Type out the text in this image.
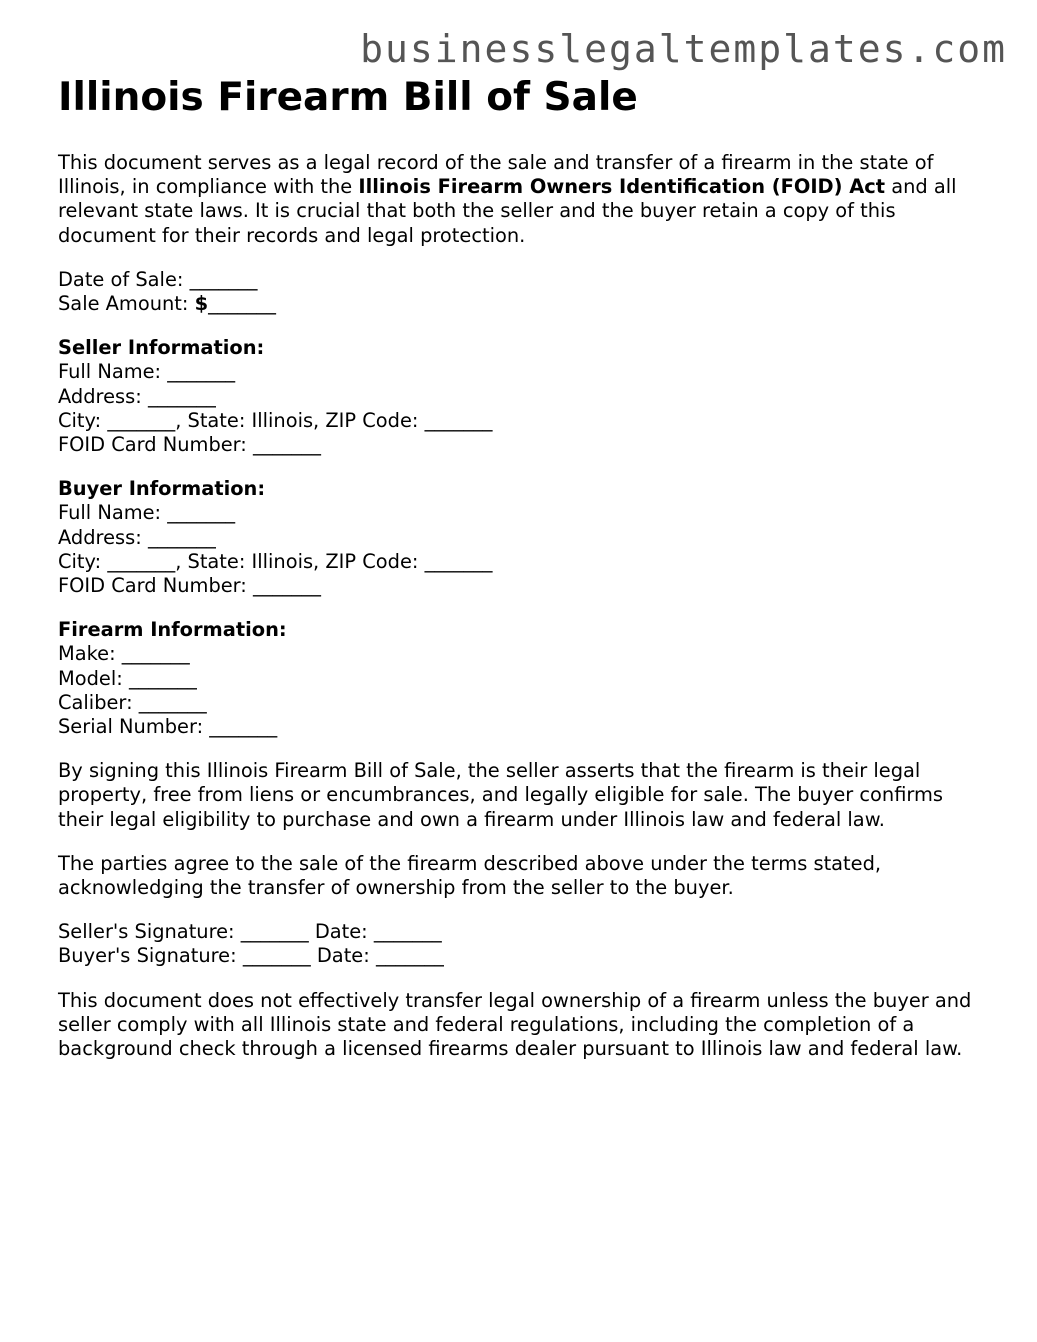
businesslegaltemplates.com
Illinois Firearm Bill of Sale

This document serves as a legal record of the sale and transfer of a firearm in the state of Illinois, in compliance with the Illinois Firearm Owners Identification (FOID) Act and all relevant state laws. It is crucial that both the seller and the buyer retain a copy of this document for their records and legal protection.

Date of Sale: _______
Sale Amount: $_______

Seller Information:
Full Name: _______
Address: _______
City: _______, State: Illinois, ZIP Code: _______
FOID Card Number: _______

Buyer Information:
Full Name: _______
Address: _______
City: _______, State: Illinois, ZIP Code: _______
FOID Card Number: _______

Firearm Information:
Make: _______
Model: _______
Caliber: _______
Serial Number: _______

By signing this Illinois Firearm Bill of Sale, the seller asserts that the firearm is their legal property, free from liens or encumbrances, and legally eligible for sale. The buyer confirms their legal eligibility to purchase and own a firearm under Illinois law and federal law.

The parties agree to the sale of the firearm described above under the terms stated, acknowledging the transfer of ownership from the seller to the buyer.

Seller's Signature: _______ Date: _______
Buyer's Signature: _______ Date: _______

This document does not effectively transfer legal ownership of a firearm unless the buyer and seller comply with all Illinois state and federal regulations, including the completion of a background check through a licensed firearms dealer pursuant to Illinois law and federal law.
